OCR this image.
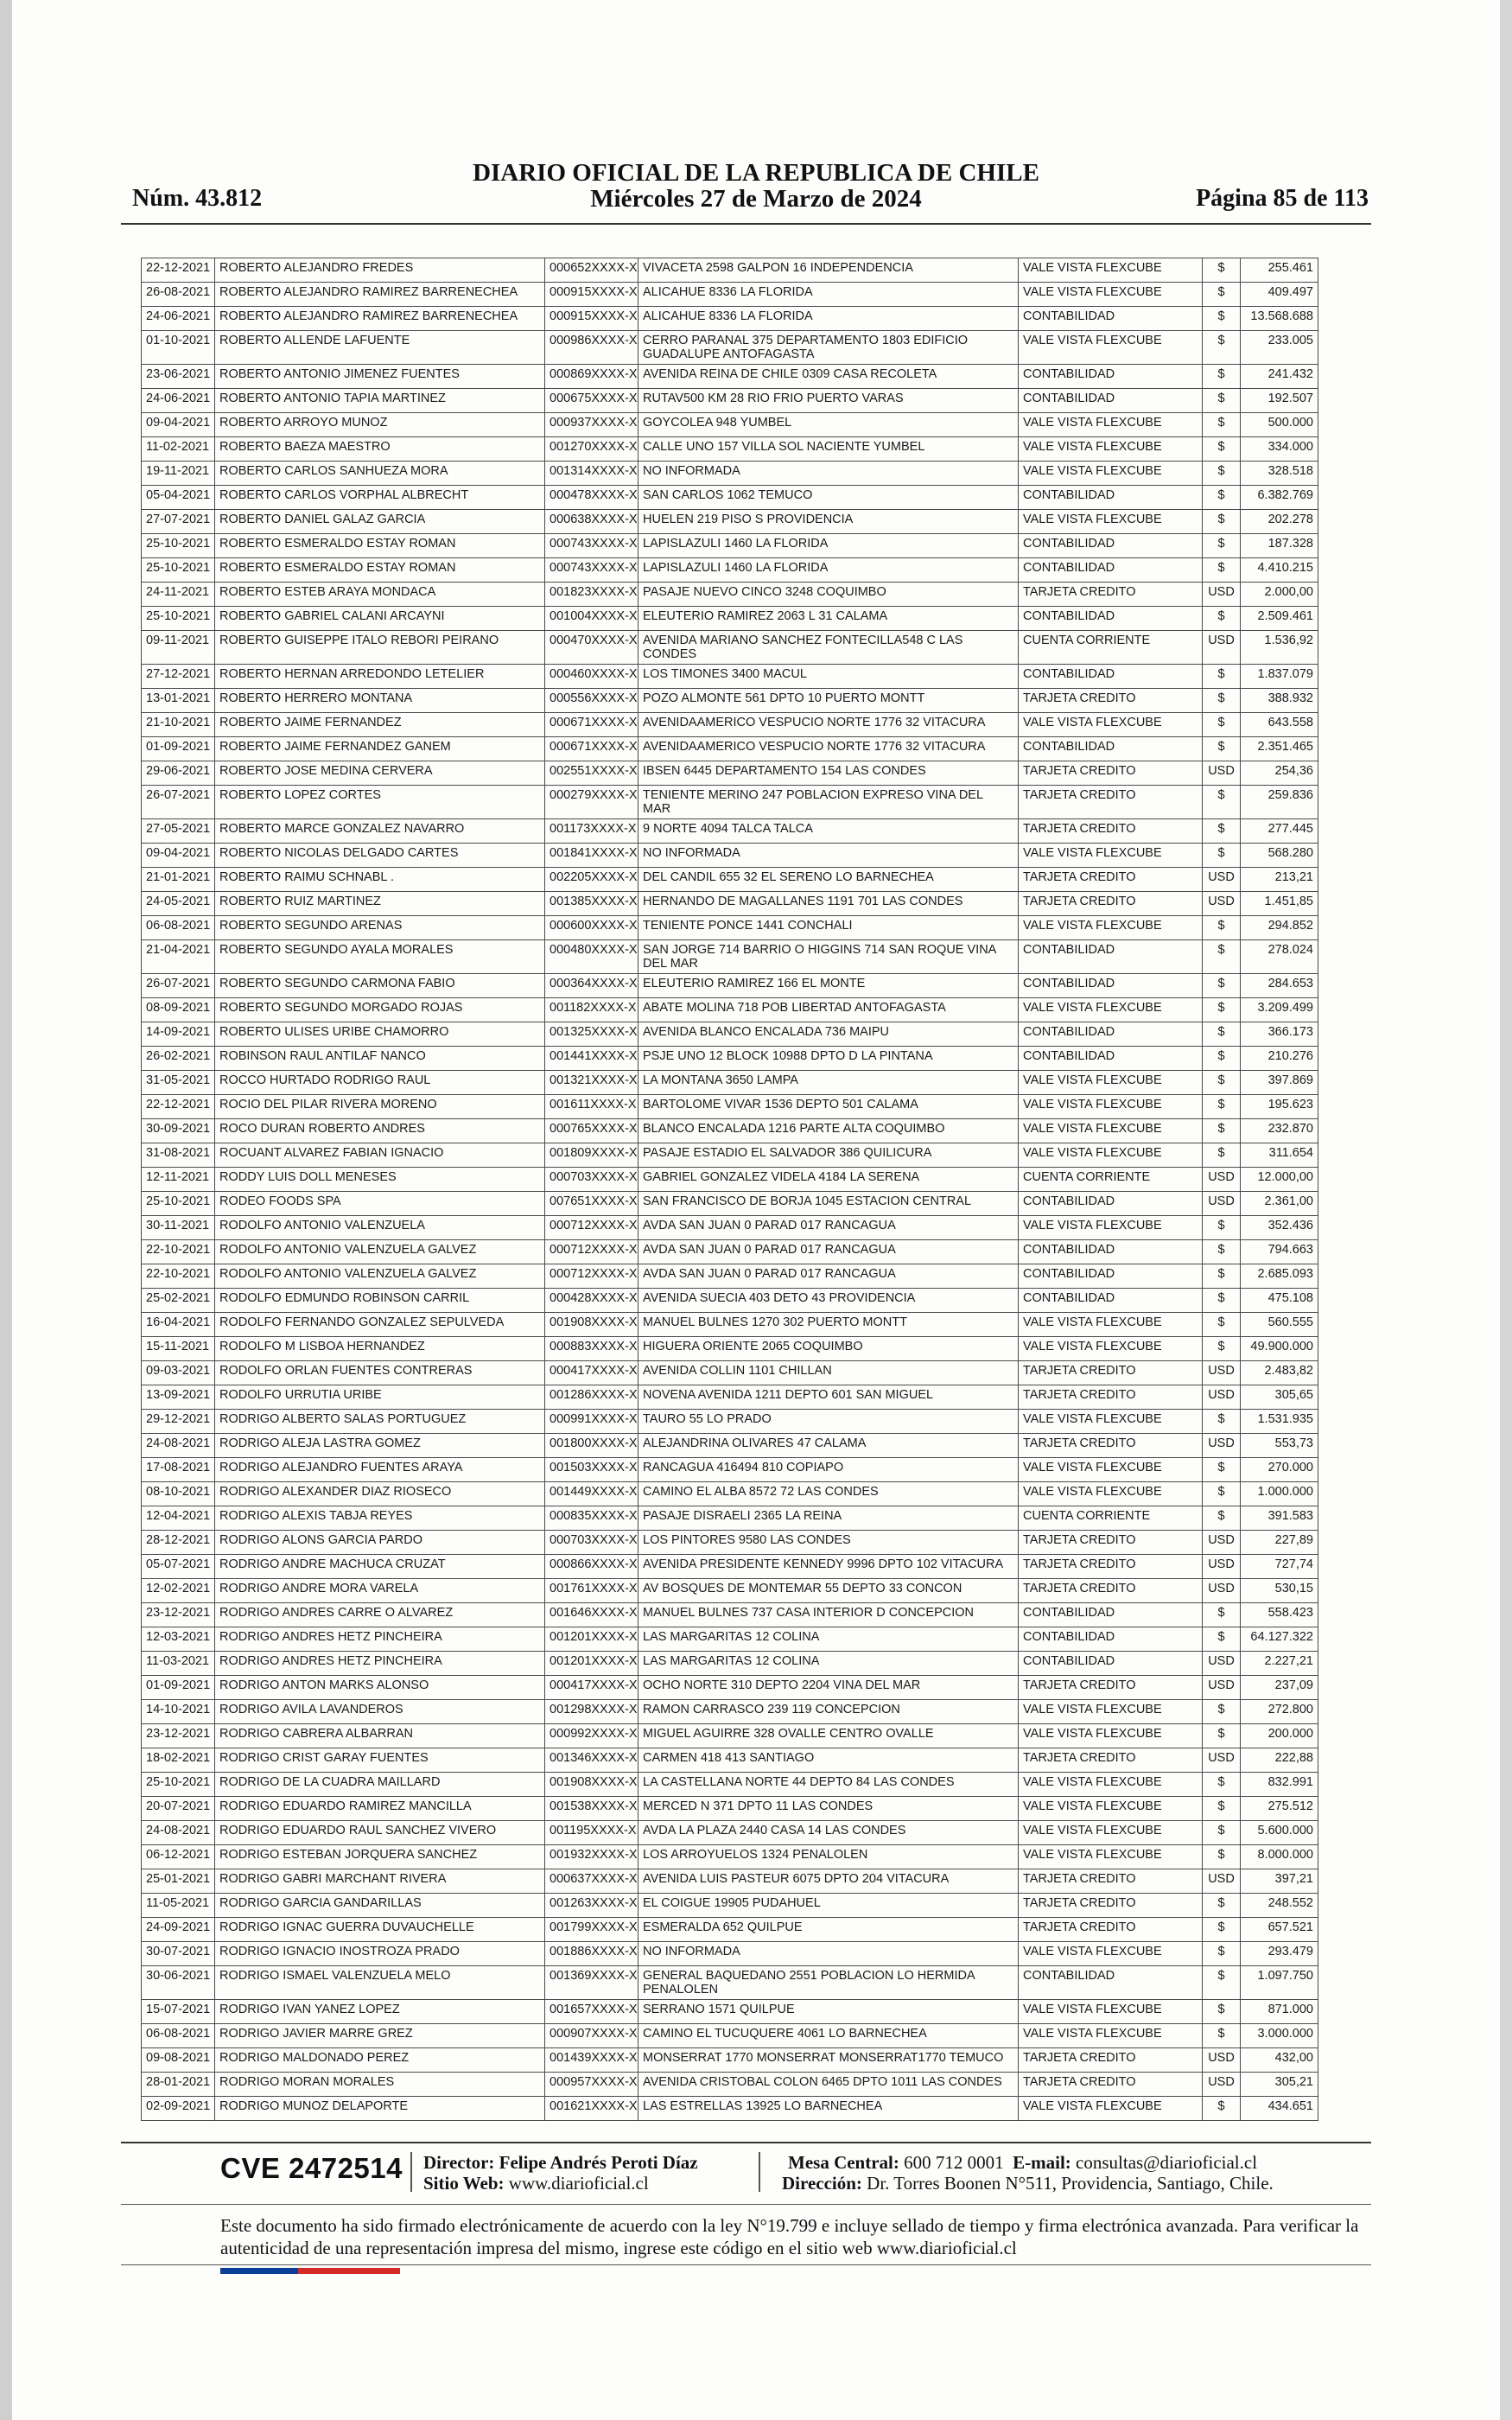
DIARIO OFICIAL DE LA REPUBLICA DE CHILE
Núm. 43.812	Miércoles 27 de Marzo de 2024	Página 85 de 113
22-12-2021	ROBERTO ALEJANDRO FREDES	000652XXXX-X	VIVACETA 2598 GALPON 16 INDEPENDENCIA	VALE VISTA FLEXCUBE	$	255.461
26-08-2021	ROBERTO ALEJANDRO RAMIREZ BARRENECHEA	000915XXXX-X	ALICAHUE 8336 LA FLORIDA	VALE VISTA FLEXCUBE	$	409.497
24-06-2021	ROBERTO ALEJANDRO RAMIREZ BARRENECHEA	000915XXXX-X	ALICAHUE 8336 LA FLORIDA	CONTABILIDAD	$	13.568.688
01-10-2021	ROBERTO ALLENDE LAFUENTE	000986XXXX-X	CERRO PARANAL 375 DEPARTAMENTO 1803 EDIFICIO GUADALUPE ANTOFAGASTA	VALE VISTA FLEXCUBE	$	233.005
23-06-2021	ROBERTO ANTONIO JIMENEZ FUENTES	000869XXXX-X	AVENIDA REINA DE CHILE 0309 CASA RECOLETA	CONTABILIDAD	$	241.432
24-06-2021	ROBERTO ANTONIO TAPIA MARTINEZ	000675XXXX-X	RUTAV500 KM 28 RIO FRIO PUERTO VARAS	CONTABILIDAD	$	192.507
09-04-2021	ROBERTO ARROYO MUNOZ	000937XXXX-X	GOYCOLEA 948 YUMBEL	VALE VISTA FLEXCUBE	$	500.000
11-02-2021	ROBERTO BAEZA MAESTRO	001270XXXX-X	CALLE UNO 157 VILLA SOL NACIENTE YUMBEL	VALE VISTA FLEXCUBE	$	334.000
19-11-2021	ROBERTO CARLOS SANHUEZA MORA	001314XXXX-X	NO INFORMADA	VALE VISTA FLEXCUBE	$	328.518
05-04-2021	ROBERTO CARLOS VORPHAL ALBRECHT	000478XXXX-X	SAN CARLOS 1062 TEMUCO	CONTABILIDAD	$	6.382.769
27-07-2021	ROBERTO DANIEL GALAZ GARCIA	000638XXXX-X	HUELEN 219 PISO S PROVIDENCIA	VALE VISTA FLEXCUBE	$	202.278
25-10-2021	ROBERTO ESMERALDO ESTAY ROMAN	000743XXXX-X	LAPISLAZULI 1460 LA FLORIDA	CONTABILIDAD	$	187.328
25-10-2021	ROBERTO ESMERALDO ESTAY ROMAN	000743XXXX-X	LAPISLAZULI 1460 LA FLORIDA	CONTABILIDAD	$	4.410.215
24-11-2021	ROBERTO ESTEB ARAYA MONDACA	001823XXXX-X	PASAJE NUEVO CINCO 3248 COQUIMBO	TARJETA CREDITO	USD	2.000,00
25-10-2021	ROBERTO GABRIEL CALANI ARCAYNI	001004XXXX-X	ELEUTERIO RAMIREZ 2063 L 31 CALAMA	CONTABILIDAD	$	2.509.461
09-11-2021	ROBERTO GUISEPPE ITALO REBORI PEIRANO	000470XXXX-X	AVENIDA MARIANO SANCHEZ FONTECILLA548 C LAS CONDES	CUENTA CORRIENTE	USD	1.536,92
27-12-2021	ROBERTO HERNAN ARREDONDO LETELIER	000460XXXX-X	LOS TIMONES 3400 MACUL	CONTABILIDAD	$	1.837.079
13-01-2021	ROBERTO HERRERO MONTANA	000556XXXX-X	POZO ALMONTE 561 DPTO 10 PUERTO MONTT	TARJETA CREDITO	$	388.932
21-10-2021	ROBERTO JAIME FERNANDEZ	000671XXXX-X	AVENIDAAMERICO VESPUCIO NORTE 1776 32 VITACURA	VALE VISTA FLEXCUBE	$	643.558
01-09-2021	ROBERTO JAIME FERNANDEZ GANEM	000671XXXX-X	AVENIDAAMERICO VESPUCIO NORTE 1776 32 VITACURA	CONTABILIDAD	$	2.351.465
29-06-2021	ROBERTO JOSE MEDINA CERVERA	002551XXXX-X	IBSEN 6445 DEPARTAMENTO 154 LAS CONDES	TARJETA CREDITO	USD	254,36
26-07-2021	ROBERTO LOPEZ CORTES	000279XXXX-X	TENIENTE MERINO 247 POBLACION EXPRESO VINA DEL MAR	TARJETA CREDITO	$	259.836
27-05-2021	ROBERTO MARCE GONZALEZ NAVARRO	001173XXXX-X	9 NORTE 4094 TALCA TALCA	TARJETA CREDITO	$	277.445
09-04-2021	ROBERTO NICOLAS DELGADO CARTES	001841XXXX-X	NO INFORMADA	VALE VISTA FLEXCUBE	$	568.280
21-01-2021	ROBERTO RAIMU SCHNABL .	002205XXXX-X	DEL CANDIL 655 32 EL SERENO LO BARNECHEA	TARJETA CREDITO	USD	213,21
24-05-2021	ROBERTO RUIZ MARTINEZ	001385XXXX-X	HERNANDO DE MAGALLANES 1191 701 LAS CONDES	TARJETA CREDITO	USD	1.451,85
06-08-2021	ROBERTO SEGUNDO ARENAS	000600XXXX-X	TENIENTE PONCE 1441 CONCHALI	VALE VISTA FLEXCUBE	$	294.852
21-04-2021	ROBERTO SEGUNDO AYALA MORALES	000480XXXX-X	SAN JORGE 714 BARRIO O HIGGINS 714 SAN ROQUE VINA DEL MAR	CONTABILIDAD	$	278.024
26-07-2021	ROBERTO SEGUNDO CARMONA FABIO	000364XXXX-X	ELEUTERIO RAMIREZ 166 EL MONTE	CONTABILIDAD	$	284.653
08-09-2021	ROBERTO SEGUNDO MORGADO ROJAS	001182XXXX-X	ABATE MOLINA 718 POB LIBERTAD ANTOFAGASTA	VALE VISTA FLEXCUBE	$	3.209.499
14-09-2021	ROBERTO ULISES URIBE CHAMORRO	001325XXXX-X	AVENIDA BLANCO ENCALADA 736 MAIPU	CONTABILIDAD	$	366.173
26-02-2021	ROBINSON RAUL ANTILAF NANCO	001441XXXX-X	PSJE UNO 12 BLOCK 10988 DPTO D LA PINTANA	CONTABILIDAD	$	210.276
31-05-2021	ROCCO HURTADO RODRIGO RAUL	001321XXXX-X	LA MONTANA 3650 LAMPA	VALE VISTA FLEXCUBE	$	397.869
22-12-2021	ROCIO DEL PILAR RIVERA MORENO	001611XXXX-X	BARTOLOME VIVAR 1536 DEPTO 501 CALAMA	VALE VISTA FLEXCUBE	$	195.623
30-09-2021	ROCO DURAN ROBERTO ANDRES	000765XXXX-X	BLANCO ENCALADA 1216 PARTE ALTA COQUIMBO	VALE VISTA FLEXCUBE	$	232.870
31-08-2021	ROCUANT ALVAREZ FABIAN IGNACIO	001809XXXX-X	PASAJE ESTADIO EL SALVADOR 386 QUILICURA	VALE VISTA FLEXCUBE	$	311.654
12-11-2021	RODDY LUIS DOLL MENESES	000703XXXX-X	GABRIEL GONZALEZ VIDELA 4184 LA SERENA	CUENTA CORRIENTE	USD	12.000,00
25-10-2021	RODEO FOODS SPA	007651XXXX-X	SAN FRANCISCO DE BORJA 1045 ESTACION CENTRAL	CONTABILIDAD	USD	2.361,00
30-11-2021	RODOLFO ANTONIO VALENZUELA	000712XXXX-X	AVDA SAN JUAN 0 PARAD 017 RANCAGUA	VALE VISTA FLEXCUBE	$	352.436
22-10-2021	RODOLFO ANTONIO VALENZUELA GALVEZ	000712XXXX-X	AVDA SAN JUAN 0 PARAD 017 RANCAGUA	CONTABILIDAD	$	794.663
22-10-2021	RODOLFO ANTONIO VALENZUELA GALVEZ	000712XXXX-X	AVDA SAN JUAN 0 PARAD 017 RANCAGUA	CONTABILIDAD	$	2.685.093
25-02-2021	RODOLFO EDMUNDO ROBINSON CARRIL	000428XXXX-X	AVENIDA SUECIA 403 DETO 43 PROVIDENCIA	CONTABILIDAD	$	475.108
16-04-2021	RODOLFO FERNANDO GONZALEZ SEPULVEDA	001908XXXX-X	MANUEL BULNES 1270 302 PUERTO MONTT	VALE VISTA FLEXCUBE	$	560.555
15-11-2021	RODOLFO M LISBOA HERNANDEZ	000883XXXX-X	HIGUERA ORIENTE 2065 COQUIMBO	VALE VISTA FLEXCUBE	$	49.900.000
09-03-2021	RODOLFO ORLAN FUENTES CONTRERAS	000417XXXX-X	AVENIDA COLLIN 1101 CHILLAN	TARJETA CREDITO	USD	2.483,82
13-09-2021	RODOLFO URRUTIA URIBE	001286XXXX-X	NOVENA AVENIDA 1211 DEPTO 601 SAN MIGUEL	TARJETA CREDITO	USD	305,65
29-12-2021	RODRIGO ALBERTO SALAS PORTUGUEZ	000991XXXX-X	TAURO 55 LO PRADO	VALE VISTA FLEXCUBE	$	1.531.935
24-08-2021	RODRIGO ALEJA LASTRA GOMEZ	001800XXXX-X	ALEJANDRINA OLIVARES 47 CALAMA	TARJETA CREDITO	USD	553,73
17-08-2021	RODRIGO ALEJANDRO FUENTES ARAYA	001503XXXX-X	RANCAGUA 416494 810 COPIAPO	VALE VISTA FLEXCUBE	$	270.000
08-10-2021	RODRIGO ALEXANDER DIAZ RIOSECO	001449XXXX-X	CAMINO EL ALBA 8572 72 LAS CONDES	VALE VISTA FLEXCUBE	$	1.000.000
12-04-2021	RODRIGO ALEXIS TABJA REYES	000835XXXX-X	PASAJE DISRAELI 2365 LA REINA	CUENTA CORRIENTE	$	391.583
28-12-2021	RODRIGO ALONS GARCIA PARDO	000703XXXX-X	LOS PINTORES 9580 LAS CONDES	TARJETA CREDITO	USD	227,89
05-07-2021	RODRIGO ANDRE MACHUCA CRUZAT	000866XXXX-X	AVENIDA PRESIDENTE KENNEDY 9996 DPTO 102 VITACURA	TARJETA CREDITO	USD	727,74
12-02-2021	RODRIGO ANDRE MORA VARELA	001761XXXX-X	AV BOSQUES DE MONTEMAR 55 DEPTO 33 CONCON	TARJETA CREDITO	USD	530,15
23-12-2021	RODRIGO ANDRES CARRE O ALVAREZ	001646XXXX-X	MANUEL BULNES 737 CASA INTERIOR D CONCEPCION	CONTABILIDAD	$	558.423
12-03-2021	RODRIGO ANDRES HETZ PINCHEIRA	001201XXXX-X	LAS MARGARITAS 12 COLINA	CONTABILIDAD	$	64.127.322
11-03-2021	RODRIGO ANDRES HETZ PINCHEIRA	001201XXXX-X	LAS MARGARITAS 12 COLINA	CONTABILIDAD	USD	2.227,21
01-09-2021	RODRIGO ANTON MARKS ALONSO	000417XXXX-X	OCHO NORTE 310 DEPTO 2204 VINA DEL MAR	TARJETA CREDITO	USD	237,09
14-10-2021	RODRIGO AVILA LAVANDEROS	001298XXXX-X	RAMON CARRASCO 239 119 CONCEPCION	VALE VISTA FLEXCUBE	$	272.800
23-12-2021	RODRIGO CABRERA ALBARRAN	000992XXXX-X	MIGUEL AGUIRRE 328 OVALLE CENTRO OVALLE	VALE VISTA FLEXCUBE	$	200.000
18-02-2021	RODRIGO CRIST GARAY FUENTES	001346XXXX-X	CARMEN 418 413 SANTIAGO	TARJETA CREDITO	USD	222,88
25-10-2021	RODRIGO DE LA CUADRA MAILLARD	001908XXXX-X	LA CASTELLANA NORTE 44 DEPTO 84 LAS CONDES	VALE VISTA FLEXCUBE	$	832.991
20-07-2021	RODRIGO EDUARDO RAMIREZ MANCILLA	001538XXXX-X	MERCED N 371 DPTO 11 LAS CONDES	VALE VISTA FLEXCUBE	$	275.512
24-08-2021	RODRIGO EDUARDO RAUL SANCHEZ VIVERO	001195XXXX-X	AVDA LA PLAZA 2440 CASA 14 LAS CONDES	VALE VISTA FLEXCUBE	$	5.600.000
06-12-2021	RODRIGO ESTEBAN JORQUERA SANCHEZ	001932XXXX-X	LOS ARROYUELOS 1324 PENALOLEN	VALE VISTA FLEXCUBE	$	8.000.000
25-01-2021	RODRIGO GABRI MARCHANT RIVERA	000637XXXX-X	AVENIDA LUIS PASTEUR 6075 DPTO 204 VITACURA	TARJETA CREDITO	USD	397,21
11-05-2021	RODRIGO GARCIA GANDARILLAS	001263XXXX-X	EL COIGUE 19905 PUDAHUEL	TARJETA CREDITO	$	248.552
24-09-2021	RODRIGO IGNAC GUERRA DUVAUCHELLE	001799XXXX-X	ESMERALDA 652 QUILPUE	TARJETA CREDITO	$	657.521
30-07-2021	RODRIGO IGNACIO INOSTROZA PRADO	001886XXXX-X	NO INFORMADA	VALE VISTA FLEXCUBE	$	293.479
30-06-2021	RODRIGO ISMAEL VALENZUELA MELO	001369XXXX-X	GENERAL BAQUEDANO 2551 POBLACION LO HERMIDA PENALOLEN	CONTABILIDAD	$	1.097.750
15-07-2021	RODRIGO IVAN YANEZ LOPEZ	001657XXXX-X	SERRANO 1571 QUILPUE	VALE VISTA FLEXCUBE	$	871.000
06-08-2021	RODRIGO JAVIER MARRE GREZ	000907XXXX-X	CAMINO EL TUCUQUERE 4061 LO BARNECHEA	VALE VISTA FLEXCUBE	$	3.000.000
09-08-2021	RODRIGO MALDONADO PEREZ	001439XXXX-X	MONSERRAT 1770 MONSERRAT MONSERRAT1770 TEMUCO	TARJETA CREDITO	USD	432,00
28-01-2021	RODRIGO MORAN MORALES	000957XXXX-X	AVENIDA CRISTOBAL COLON 6465 DPTO 1011 LAS CONDES	TARJETA CREDITO	USD	305,21
02-09-2021	RODRIGO MUNOZ DELAPORTE	001621XXXX-X	LAS ESTRELLAS 13925 LO BARNECHEA	VALE VISTA FLEXCUBE	$	434.651
CVE 2472514 Director: Felipe Andrés Peroti Díaz
Sitio Web: www.diarioficial.cl
Mesa Central: 600 712 0001 E-mail: consultas@diarioficial.cl
Dirección: Dr. Torres Boonen N°511, Providencia, Santiago, Chile.
Este documento ha sido firmado electrónicamente de acuerdo con la ley N°19.799 e incluye sellado de tiempo y firma electrónica avanzada. Para verificar la autenticidad de una representación impresa del mismo, ingrese este código en el sitio web www.diarioficial.cl
